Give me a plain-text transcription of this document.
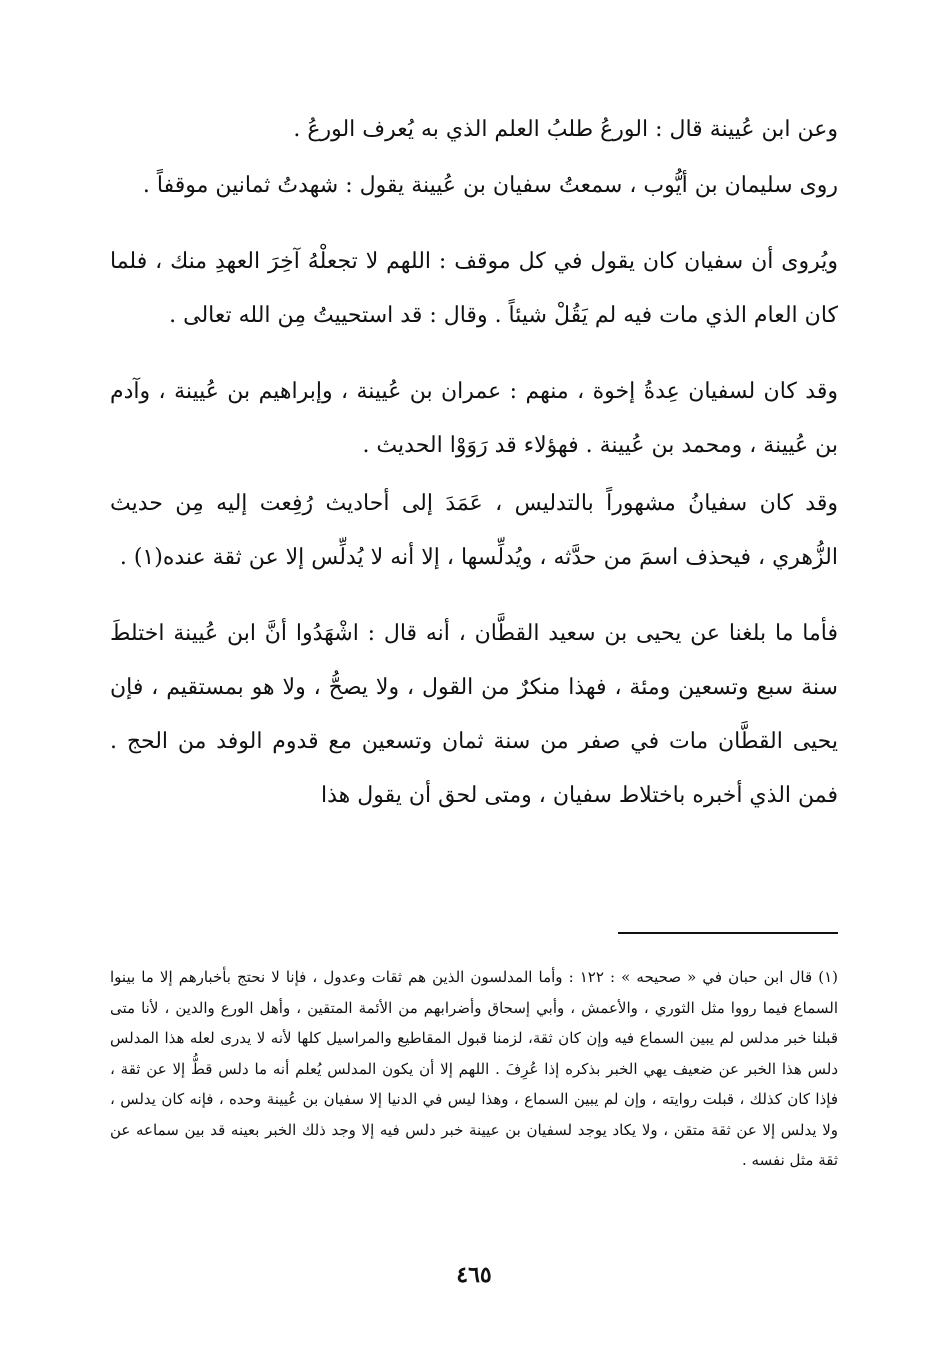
وعن ابن عُيينة قال : الورعُ طلبُ العلم الذي به يُعرف الورعُ .

روى سليمان بن أيُّوب ، سمعتُ سفيان بن عُيينة يقول : شهدتُ ثمانين موقفاً .

ويُروى أن سفيان كان يقول في كل موقف : اللهم لا تجعلْهُ آخِرَ العهدِ منك ، فلما كان العام الذي مات فيه لم يَقُلْ شيئاً . وقال : قد استحييتُ مِن الله تعالى .

وقد كان لسفيان عِدةُ إخوة ، منهم : عمران بن عُيينة ، وإبراهيم بن عُيينة ، وآدم بن عُيينة ، ومحمد بن عُيينة . فهؤلاء قد رَوَوْا الحديث .

وقد كان سفيانُ مشهوراً بالتدليس ، عَمَدَ إلى أحاديث رُفِعت إليه مِن حديث الزُّهري ، فيحذف اسمَ من حدَّثه ، ويُدلِّسها ، إلا أنه لا يُدلِّس إلا عن ثقة عنده(١) .

فأما ما بلغنا عن يحيى بن سعيد القطَّان ، أنه قال : اشْهَدُوا أنَّ ابن عُيينة اختلطَ سنة سبع وتسعين ومئة ، فهذا منكرٌ من القول ، ولا يصحُّ ، ولا هو بمستقيم ، فإن يحيى القطَّان مات في صفر من سنة ثمان وتسعين مع قدوم الوفد من الحج . فمن الذي أخبره باختلاط سفيان ، ومتى لحق أن يقول هذا

(١) قال ابن حبان في « صحيحه » : ١٢٢ : وأما المدلسون الذين هم ثقات وعدول ، فإنا لا نحتج بأخبارهم إلا ما بينوا السماع فيما رووا مثل الثوري ، والأعمش ، وأبي إسحاق وأضرابهم من الأئمة المتقين ، وأهل الورع والدين ، لأنا متى قبلنا خبر مدلس لم يبين السماع فيه وإن كان ثقة، لزمنا قبول المقاطيع والمراسيل كلها لأنه لا يدرى لعله هذا المدلس دلس هذا الخبر عن ضعيف يهي الخبر بذكره إذا عُرِفَ . اللهم إلا أن يكون المدلس يُعلم أنه ما دلس قطُّ إلا عن ثقة ، فإذا كان كذلك ، قبلت روايته ، وإن لم يبين السماع ، وهذا ليس في الدنيا إلا سفيان بن عُيينة وحده ، فإنه كان يدلس ، ولا يدلس إلا عن ثقة متقن ، ولا يكاد يوجد لسفيان بن عيينة خبر دلس فيه إلا وجد ذلك الخبر بعينه قد بين سماعه عن ثقة مثل نفسه .

٤٦٥
